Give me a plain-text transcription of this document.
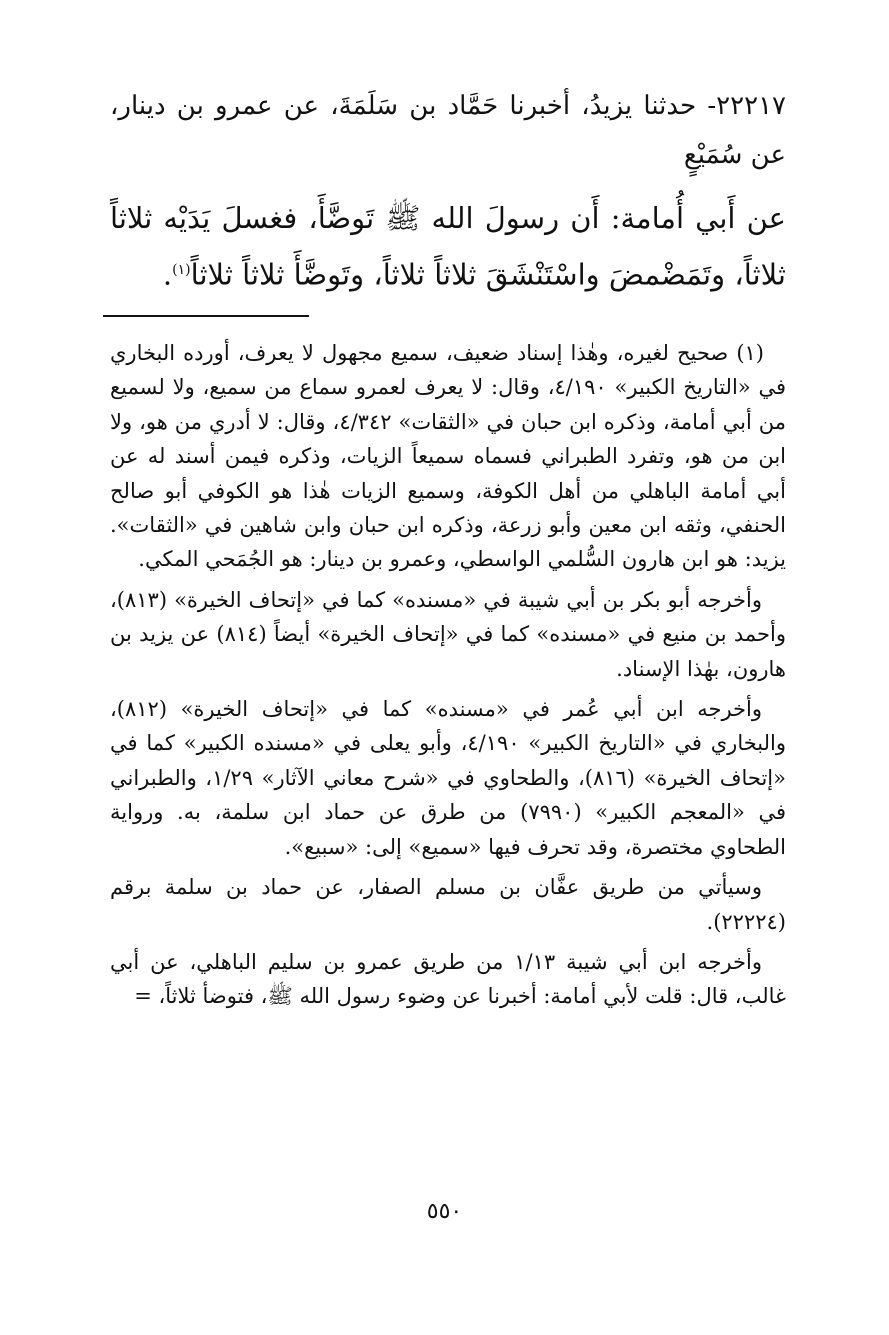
٢٢٢١٧- حدثنا يزيدُ، أخبرنا حَمَّاد بن سَلَمَةَ، عن عمرو بن دينار، عن سُمَيْعٍ

عن أَبي أُمامة: أَن رسولَ الله ﷺ تَوضَّأَ، فغسلَ يَدَيْه ثلاثاً ثلاثاً، وتَمَضْمضَ واسْتَنْشَقَ ثلاثاً ثلاثاً، وتَوضَّأَ ثلاثاً ثلاثاً$^{(١)}$.

(١) صحيح لغيره، وهٰذا إسناد ضعيف، سميع مجهول لا يعرف، أورده البخاري في «التاريخ الكبير» ٤/١٩٠، وقال: لا يعرف لعمرو سماع من سميع، ولا لسميع من أبي أمامة، وذكره ابن حبان في «الثقات» ٤/٣٤٢، وقال: لا أدري من هو، ولا ابن من هو، وتفرد الطبراني فسماه سميعاً الزيات، وذكره فيمن أسند له عن أبي أمامة الباهلي من أهل الكوفة، وسميع الزيات هٰذا هو الكوفي أبو صالح الحنفي، وثقه ابن معين وأبو زرعة، وذكره ابن حبان وابن شاهين في «الثقات». يزيد: هو ابن هارون السُّلمي الواسطي، وعمرو بن دينار: هو الجُمَحي المكي.

وأخرجه أبو بكر بن أبي شيبة في «مسنده» كما في «إتحاف الخيرة» (٨١٣)، وأحمد بن منيع في «مسنده» كما في «إتحاف الخيرة» أيضاً (٨١٤) عن يزيد بن هارون، بهٰذا الإسناد.

وأخرجه ابن أبي عُمر في «مسنده» كما في «إتحاف الخيرة» (٨١٢)، والبخاري في «التاريخ الكبير» ٤/١٩٠، وأبو يعلى في «مسنده الكبير» كما في «إتحاف الخيرة» (٨١٦)، والطحاوي في «شرح معاني الآثار» ١/٢٩، والطبراني في «المعجم الكبير» (٧٩٩٠) من طرق عن حماد ابن سلمة، به. ورواية الطحاوي مختصرة، وقد تحرف فيها «سميع» إلى: «سبيع».

وسيأتي من طريق عفَّان بن مسلم الصفار، عن حماد بن سلمة برقم (٢٢٢٢٤).

وأخرجه ابن أبي شيبة ١/١٣ من طريق عمرو بن سليم الباهلي، عن أبي غالب، قال: قلت لأبي أمامة: أخبرنا عن وضوء رسول الله ﷺ، فتوضأ ثلاثاً، =

٥٥٠
